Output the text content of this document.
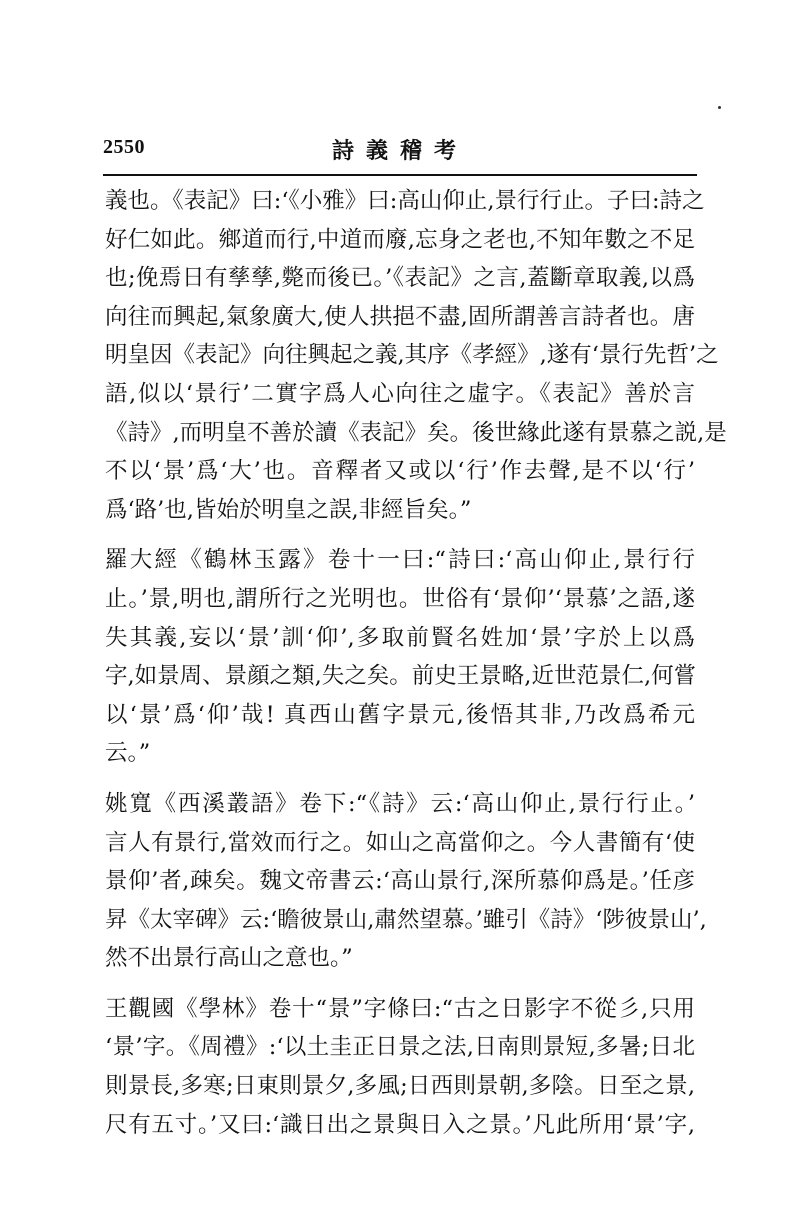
2550	詩義稽考
義也。《表記》曰:‘《小雅》曰:高山仰止,景行行止。子曰:詩之
好仁如此。鄉道而行,中道而廢,忘身之老也,不知年數之不足
也;俛焉日有孳孳,斃而後已。’《表記》之言,蓋斷章取義,以爲
向往而興起,氣象廣大,使人拱挹不盡,固所謂善言詩者也。唐
明皇因《表記》向往興起之義,其序《孝經》,遂有‘景行先哲’之
語,似以‘景行’二實字爲人心向往之虛字。《表記》善於言
《詩》,而明皇不善於讀《表記》矣。後世緣此遂有景慕之説,是
不以‘景’爲‘大’也。音釋者又或以‘行’作去聲,是不以‘行’
爲‘路’也,皆始於明皇之誤,非經旨矣。”
羅大經《鶴林玉露》卷十一曰:“詩曰:‘高山仰止,景行行
止。’景,明也,謂所行之光明也。世俗有‘景仰’‘景慕’之語,遂
失其義,妄以‘景’訓‘仰’,多取前賢名姓加‘景’字於上以爲
字,如景周、景顔之類,失之矣。前史王景略,近世范景仁,何嘗
以‘景’爲‘仰’哉! 真西山舊字景元,後悟其非,乃改爲希元
云。”
姚寬《西溪叢語》卷下:“《詩》云:‘高山仰止,景行行止。’
言人有景行,當效而行之。如山之高當仰之。今人書簡有‘使
景仰’者,疎矣。魏文帝書云:‘高山景行,深所慕仰爲是。’任彦
昇《太宰碑》云:‘瞻彼景山,肅然望慕。’雖引《詩》‘陟彼景山’,
然不出景行高山之意也。”
王觀國《學林》卷十“景”字條曰:“古之日影字不從彡,只用
‘景’字。《周禮》:‘以土圭正日景之法,日南則景短,多暑;日北
則景長,多寒;日東則景夕,多風;日西則景朝,多陰。日至之景,
尺有五寸。’又曰:‘識日出之景與日入之景。’凡此所用‘景’字,
